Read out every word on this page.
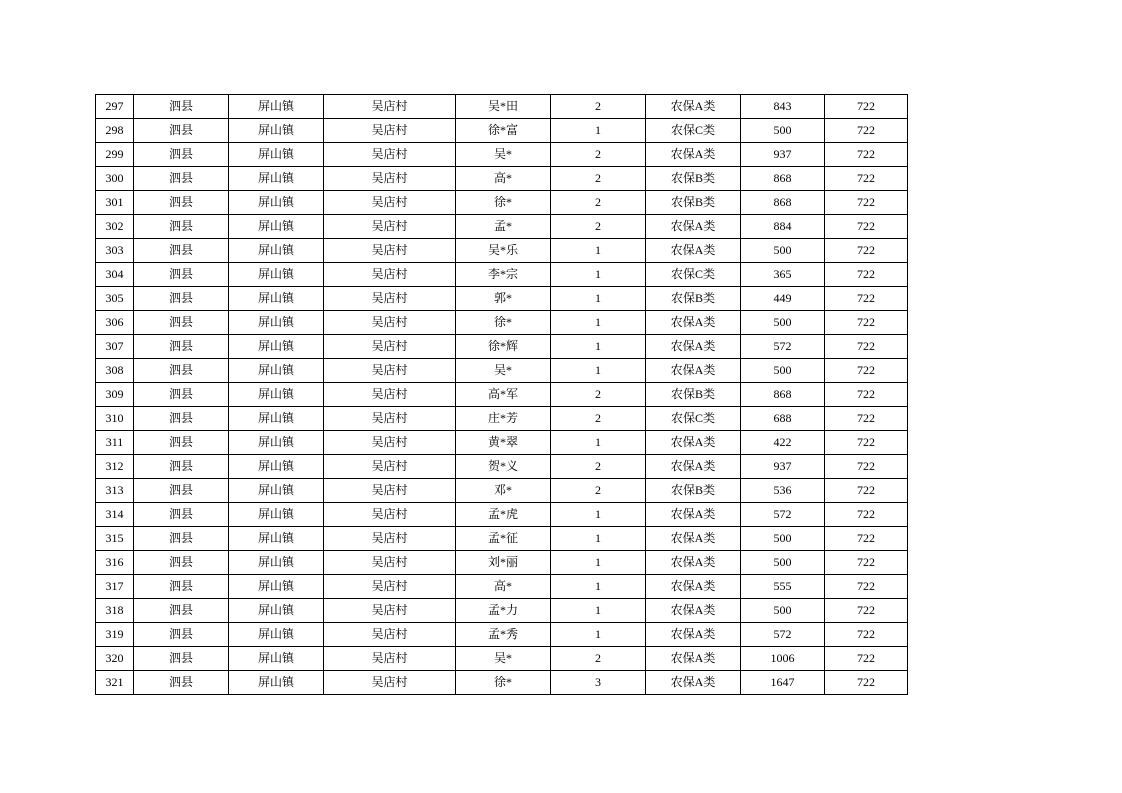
297	泗县	屏山镇	吴店村	吴*田	2	农保A类	843	722
298	泗县	屏山镇	吴店村	徐*富	1	农保C类	500	722
299	泗县	屏山镇	吴店村	吴*	2	农保A类	937	722
300	泗县	屏山镇	吴店村	高*	2	农保B类	868	722
301	泗县	屏山镇	吴店村	徐*	2	农保B类	868	722
302	泗县	屏山镇	吴店村	孟*	2	农保A类	884	722
303	泗县	屏山镇	吴店村	吴*乐	1	农保A类	500	722
304	泗县	屏山镇	吴店村	李*宗	1	农保C类	365	722
305	泗县	屏山镇	吴店村	郭*	1	农保B类	449	722
306	泗县	屏山镇	吴店村	徐*	1	农保A类	500	722
307	泗县	屏山镇	吴店村	徐*辉	1	农保A类	572	722
308	泗县	屏山镇	吴店村	吴*	1	农保A类	500	722
309	泗县	屏山镇	吴店村	高*军	2	农保B类	868	722
310	泗县	屏山镇	吴店村	庄*芳	2	农保C类	688	722
311	泗县	屏山镇	吴店村	黄*翠	1	农保A类	422	722
312	泗县	屏山镇	吴店村	贺*义	2	农保A类	937	722
313	泗县	屏山镇	吴店村	邓*	2	农保B类	536	722
314	泗县	屏山镇	吴店村	孟*虎	1	农保A类	572	722
315	泗县	屏山镇	吴店村	孟*征	1	农保A类	500	722
316	泗县	屏山镇	吴店村	刘*丽	1	农保A类	500	722
317	泗县	屏山镇	吴店村	高*	1	农保A类	555	722
318	泗县	屏山镇	吴店村	孟*力	1	农保A类	500	722
319	泗县	屏山镇	吴店村	孟*秀	1	农保A类	572	722
320	泗县	屏山镇	吴店村	吴*	2	农保A类	1006	722
321	泗县	屏山镇	吴店村	徐*	3	农保A类	1647	722
